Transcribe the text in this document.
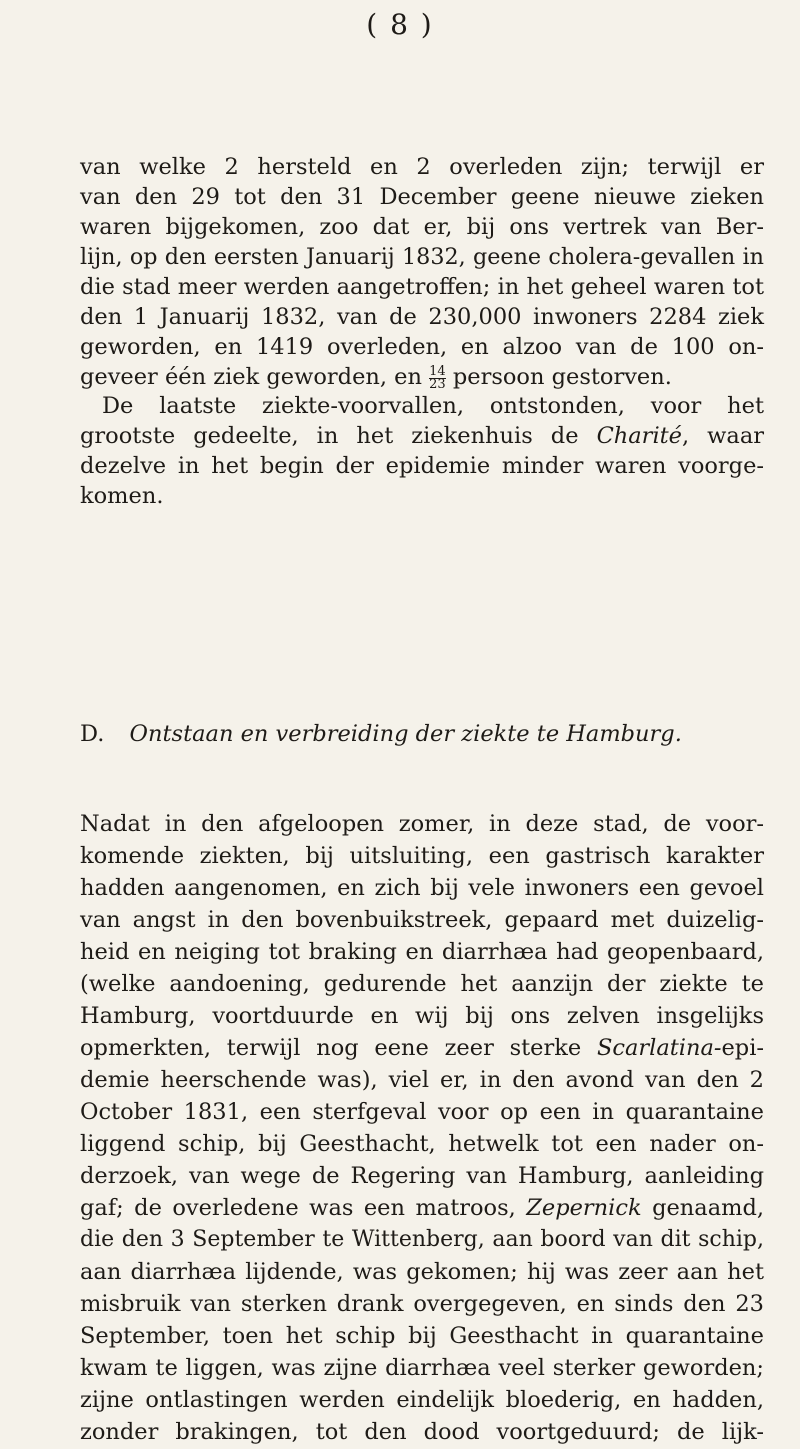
( 8 )
van welke 2 hersteld en 2 overleden zijn; terwijl er
van den 29 tot den 31 December geene nieuwe zieken
waren bijgekomen, zoo dat er, bij ons vertrek van Ber-
lijn, op den eersten Januarij 1832, geene cholera-gevallen in
die stad meer werden aangetroffen; in het geheel waren tot
den 1 Januarij 1832, van de 230,000 inwoners 2284 ziek
geworden, en 1419 overleden, en alzoo van de 100 on-
geveer één ziek geworden, en $\frac{14}{23}$ persoon gestorven.
De laatste ziekte-voorvallen, ontstonden, voor het
grootste gedeelte, in het ziekenhuis de Charité, waar
dezelve in het begin der epidemie minder waren voorge-
komen.
D. Ontstaan en verbreiding der ziekte te Hamburg.
Nadat in den afgeloopen zomer, in deze stad, de voor-
komende ziekten, bij uitsluiting, een gastrisch karakter
hadden aangenomen, en zich bij vele inwoners een gevoel
van angst in den bovenbuikstreek, gepaard met duizelig-
heid en neiging tot braking en diarrhæa had geopenbaard,
(welke aandoening, gedurende het aanzijn der ziekte te
Hamburg, voortduurde en wij bij ons zelven insgelijks
opmerkten, terwijl nog eene zeer sterke Scarlatina-epi-
demie heerschende was), viel er, in den avond van den 2
October 1831, een sterfgeval voor op een in quarantaine
liggend schip, bij Geesthacht, hetwelk tot een nader on-
derzoek, van wege de Regering van Hamburg, aanleiding
gaf; de overledene was een matroos, Zepernick genaamd,
die den 3 September te Wittenberg, aan boord van dit schip,
aan diarrhæa lijdende, was gekomen; hij was zeer aan het
misbruik van sterken drank overgegeven, en sinds den 23
September, toen het schip bij Geesthacht in quarantaine
kwam te liggen, was zijne diarrhæa veel sterker geworden;
zijne ontlastingen werden eindelijk bloederig, en hadden,
zonder brakingen, tot den dood voortgeduurd; de lijk-
